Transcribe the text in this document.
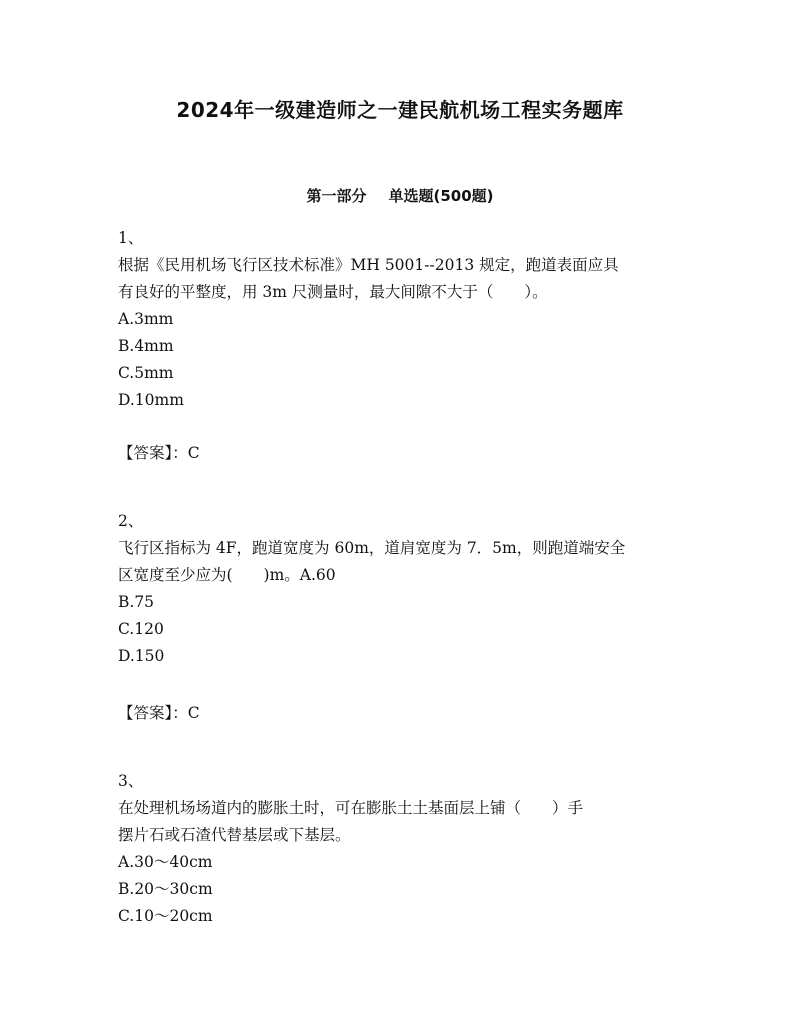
2024年一级建造师之一建民航机场工程实务题库
第一部分 单选题(500题)
1、
根据《民用机场飞行区技术标准》MH 5001--2013 规定，跑道表面应具
有良好的平整度，用 3m 尺测量时，最大间隙不大于（　　）。
A.3mm
B.4mm
C.5mm
D.10mm
【答案】：C
2、
飞行区指标为 4F，跑道宽度为 60m，道肩宽度为 7．5m，则跑道端安全
区宽度至少应为(　　)m。A.60
B.75
C.120
D.150
【答案】：C
3、
在处理机场场道内的膨胀土时，可在膨胀土土基面层上铺（　　）手
摆片石或石渣代替基层或下基层。
A.30～40cm
B.20～30cm
C.10～20cm
